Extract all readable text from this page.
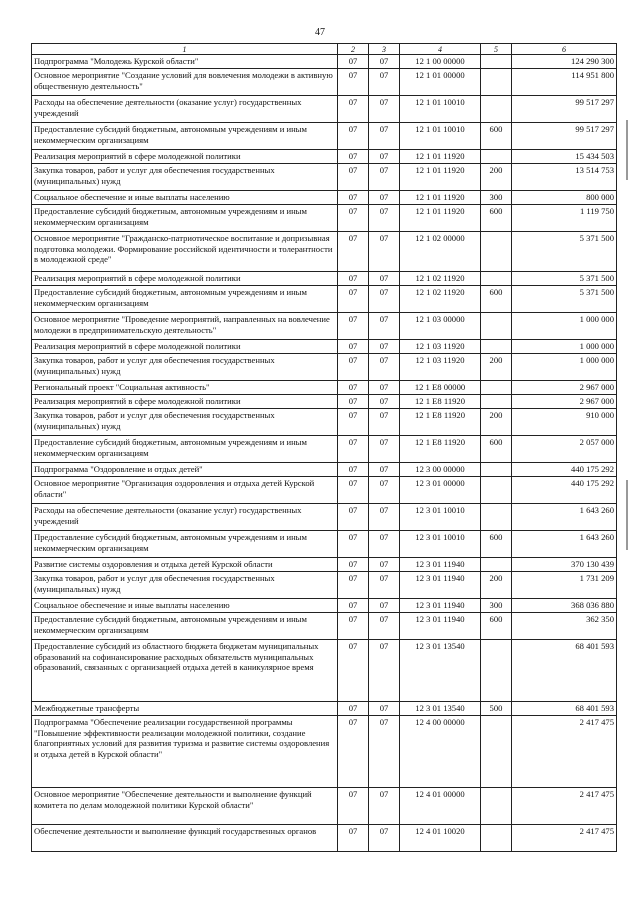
47
1	2	3	4	5	6
Подпрограмма "Молодежь Курской области"	07	07	12 1 00 00000		124 290 300
Основное мероприятие "Создание условий для вовлечения молодежи в активную общественную деятельность"	07	07	12 1 01 00000		114 951 800
Расходы на обеспечение деятельности (оказание услуг) государственных учреждений	07	07	12 1 01 10010		99 517 297
Предоставление субсидий бюджетным, автономным учреждениям и иным некоммерческим организациям	07	07	12 1 01 10010	600	99 517 297
Реализация мероприятий в сфере молодежной политики	07	07	12 1 01 11920		15 434 503
Закупка товаров, работ и услуг для обеспечения государственных (муниципальных) нужд	07	07	12 1 01 11920	200	13 514 753
Социальное обеспечение и иные выплаты населению	07	07	12 1 01 11920	300	800 000
Предоставление субсидий бюджетным, автономным учреждениям и иным некоммерческим организациям	07	07	12 1 01 11920	600	1 119 750
Основное мероприятие "Гражданско-патриотическое воспитание и допризывная подготовка молодежи. Формирование российской идентичности и толерантности в молодежной среде"	07	07	12 1 02 00000		5 371 500
Реализация мероприятий в сфере молодежной политики	07	07	12 1 02 11920		5 371 500
Предоставление субсидий бюджетным, автономным учреждениям и иным некоммерческим организациям	07	07	12 1 02 11920	600	5 371 500
Основное мероприятие "Проведение мероприятий, направленных на вовлечение молодежи в предпринимательскую деятельность"	07	07	12 1 03 00000		1 000 000
Реализация мероприятий в сфере молодежной политики	07	07	12 1 03 11920		1 000 000
Закупка товаров, работ и услуг для обеспечения государственных (муниципальных) нужд	07	07	12 1 03 11920	200	1 000 000
Региональный проект "Социальная активность"	07	07	12 1 E8 00000		2 967 000
Реализация мероприятий в сфере молодежной политики	07	07	12 1 E8 11920		2 967 000
Закупка товаров, работ и услуг для обеспечения государственных (муниципальных) нужд	07	07	12 1 E8 11920	200	910 000
Предоставление субсидий бюджетным, автономным учреждениям и иным некоммерческим организациям	07	07	12 1 E8 11920	600	2 057 000
Подпрограмма "Оздоровление и отдых детей"	07	07	12 3 00 00000		440 175 292
Основное мероприятие "Организация оздоровления и отдыха детей Курской области"	07	07	12 3 01 00000		440 175 292
Расходы на обеспечение деятельности (оказание услуг) государственных учреждений	07	07	12 3 01 10010		1 643 260
Предоставление субсидий бюджетным, автономным учреждениям и иным некоммерческим организациям	07	07	12 3 01 10010	600	1 643 260
Развитие системы оздоровления и отдыха детей Курской области	07	07	12 3 01 11940		370 130 439
Закупка товаров, работ и услуг для обеспечения государственных (муниципальных) нужд	07	07	12 3 01 11940	200	1 731 209
Социальное обеспечение и иные выплаты населению	07	07	12 3 01 11940	300	368 036 880
Предоставление субсидий бюджетным, автономным учреждениям и иным некоммерческим организациям	07	07	12 3 01 11940	600	362 350
Предоставление субсидий из областного бюджета бюджетам муниципальных образований на софинансирование расходных обязательств муниципальных образований, связанных с организацией отдыха детей в каникулярное время	07	07	12 3 01 13540		68 401 593
Межбюджетные трансферты	07	07	12 3 01 13540	500	68 401 593
Подпрограмма "Обеспечение реализации государственной программы "Повышение эффективности реализации молодежной политики, создание благоприятных условий для развития туризма и развитие системы оздоровления и отдыха детей в Курской области"	07	07	12 4 00 00000		2 417 475
Основное мероприятие "Обеспечение деятельности и выполнение функций комитета по делам молодежной политики Курской области"	07	07	12 4 01 00000		2 417 475
Обеспечение деятельности и выполнение функций государственных органов	07	07	12 4 01 10020		2 417 475
